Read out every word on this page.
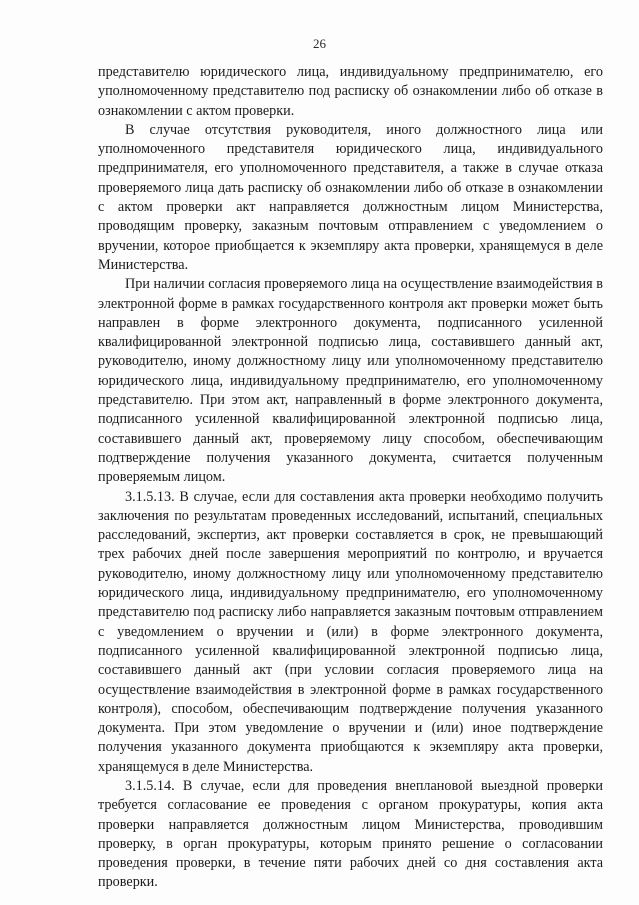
26

представителю юридического лица, индивидуальному предпринимателю, его уполномоченному представителю под расписку об ознакомлении либо об отказе в ознакомлении с актом проверки.

В случае отсутствия руководителя, иного должностного лица или уполномоченного представителя юридического лица, индивидуального предпринимателя, его уполномоченного представителя, а также в случае отказа проверяемого лица дать расписку об ознакомлении либо об отказе в ознакомлении с актом проверки акт направляется должностным лицом Министерства, проводящим проверку, заказным почтовым отправлением с уведомлением о вручении, которое приобщается к экземпляру акта проверки, хранящемуся в деле Министерства.

При наличии согласия проверяемого лица на осуществление взаимодействия в электронной форме в рамках государственного контроля акт проверки может быть направлен в форме электронного документа, подписанного усиленной квалифицированной электронной подписью лица, составившего данный акт, руководителю, иному должностному лицу или уполномоченному представителю юридического лица, индивидуальному предпринимателю, его уполномоченному представителю. При этом акт, направленный в форме электронного документа, подписанного усиленной квалифицированной электронной подписью лица, составившего данный акт, проверяемому лицу способом, обеспечивающим подтверждение получения указанного документа, считается полученным проверяемым лицом.

3.1.5.13. В случае, если для составления акта проверки необходимо получить заключения по результатам проведенных исследований, испытаний, специальных расследований, экспертиз, акт проверки составляется в срок, не превышающий трех рабочих дней после завершения мероприятий по контролю, и вручается руководителю, иному должностному лицу или уполномоченному представителю юридического лица, индивидуальному предпринимателю, его уполномоченному представителю под расписку либо направляется заказным почтовым отправлением с уведомлением о вручении и (или) в форме электронного документа, подписанного усиленной квалифицированной электронной подписью лица, составившего данный акт (при условии согласия проверяемого лица на осуществление взаимодействия в электронной форме в рамках государственного контроля), способом, обеспечивающим подтверждение получения указанного документа. При этом уведомление о вручении и (или) иное подтверждение получения указанного документа приобщаются к экземпляру акта проверки, хранящемуся в деле Министерства.

3.1.5.14. В случае, если для проведения внеплановой выездной проверки требуется согласование ее проведения с органом прокуратуры, копия акта проверки направляется должностным лицом Министерства, проводившим проверку, в орган прокуратуры, которым принято решение о согласовании проведения проверки, в течение пяти рабочих дней со дня составления акта проверки.
